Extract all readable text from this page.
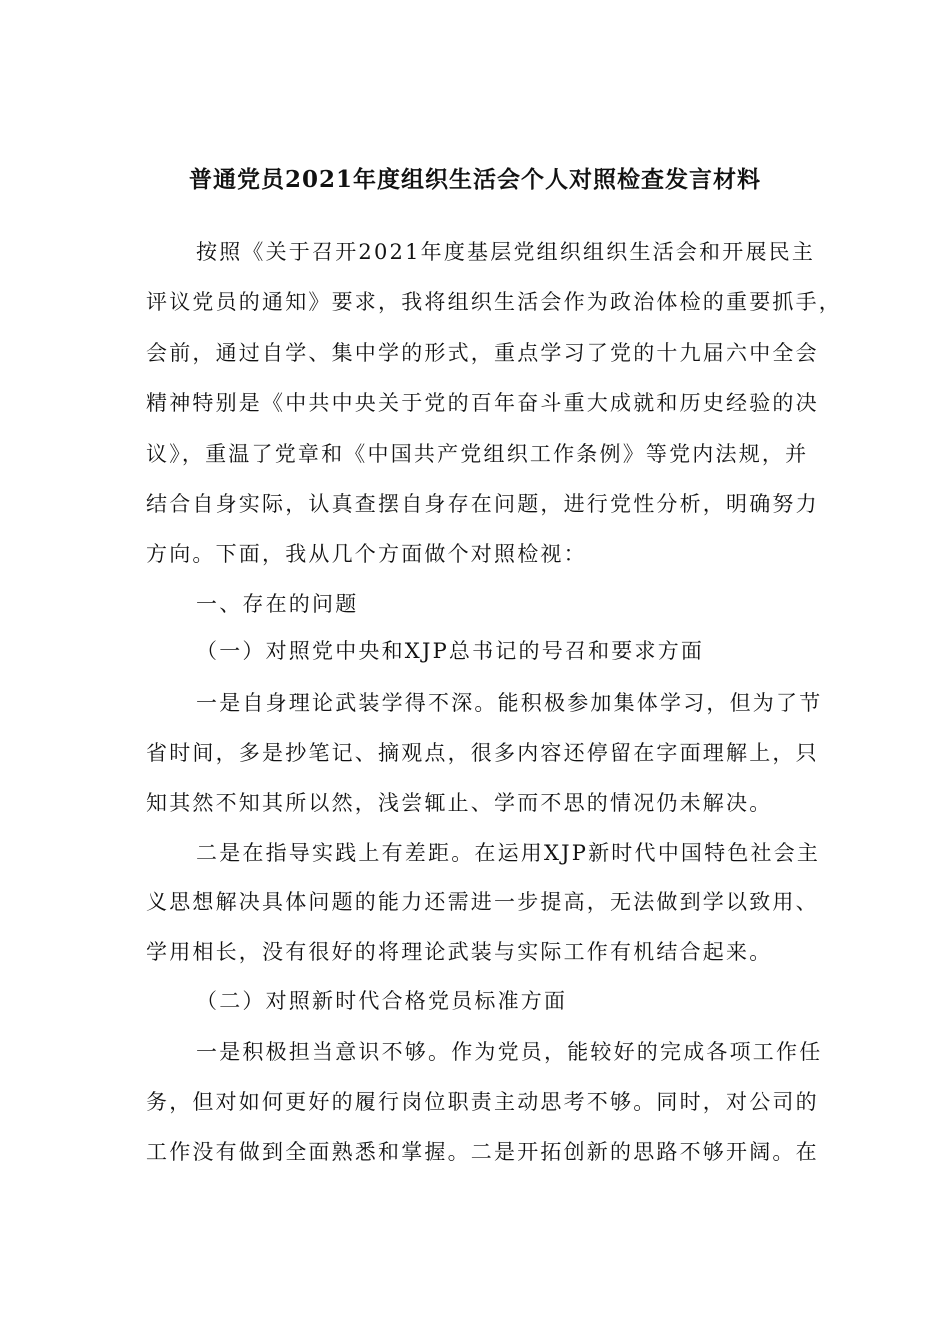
普通党员2021年度组织生活会个人对照检查发言材料
按照《关于召开2021年度基层党组织组织生活会和开展民主
评议党员的通知》要求，我将组织生活会作为政治体检的重要抓手，
会前，通过自学、集中学的形式，重点学习了党的十九届六中全会
精神特别是《中共中央关于党的百年奋斗重大成就和历史经验的决
议》，重温了党章和《中国共产党组织工作条例》等党内法规，并
结合自身实际，认真查摆自身存在问题，进行党性分析，明确努力
方向。下面，我从几个方面做个对照检视：
一、存在的问题
（一）对照党中央和XJP总书记的号召和要求方面
一是自身理论武装学得不深。能积极参加集体学习，但为了节
省时间，多是抄笔记、摘观点，很多内容还停留在字面理解上，只
知其然不知其所以然，浅尝辄止、学而不思的情况仍未解决。
二是在指导实践上有差距。在运用XJP新时代中国特色社会主
义思想解决具体问题的能力还需进一步提高，无法做到学以致用、
学用相长，没有很好的将理论武装与实际工作有机结合起来。
（二）对照新时代合格党员标准方面
一是积极担当意识不够。作为党员，能较好的完成各项工作任
务，但对如何更好的履行岗位职责主动思考不够。同时，对公司的
工作没有做到全面熟悉和掌握。二是开拓创新的思路不够开阔。在
